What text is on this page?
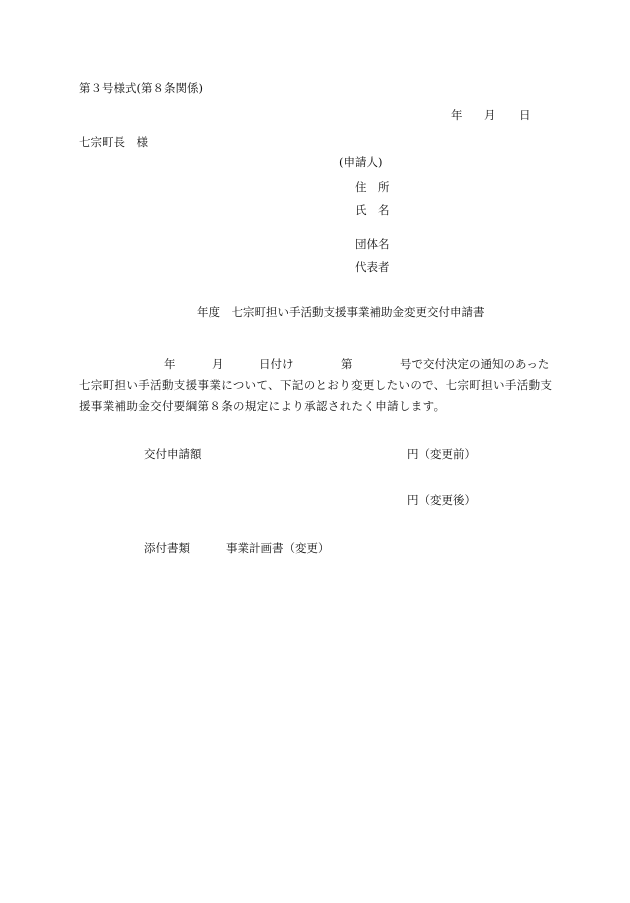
第３号様式(第８条関係)
年 月 日
七宗町長　様
(申請人)
住　所
氏　名
団体名
代表者
年度　七宗町担い手活動支援事業補助金変更交付申請書
年	月	日付け	第	号で交付決定の通知のあった
七宗町担い手活動支援事業について、下記のとおり変更したいので、七宗町担い手活動支
援事業補助金交付要綱第８条の規定により承認されたく申請します。
交付申請額	円（変更前）
円（変更後）
添付書類	事業計画書（変更）
